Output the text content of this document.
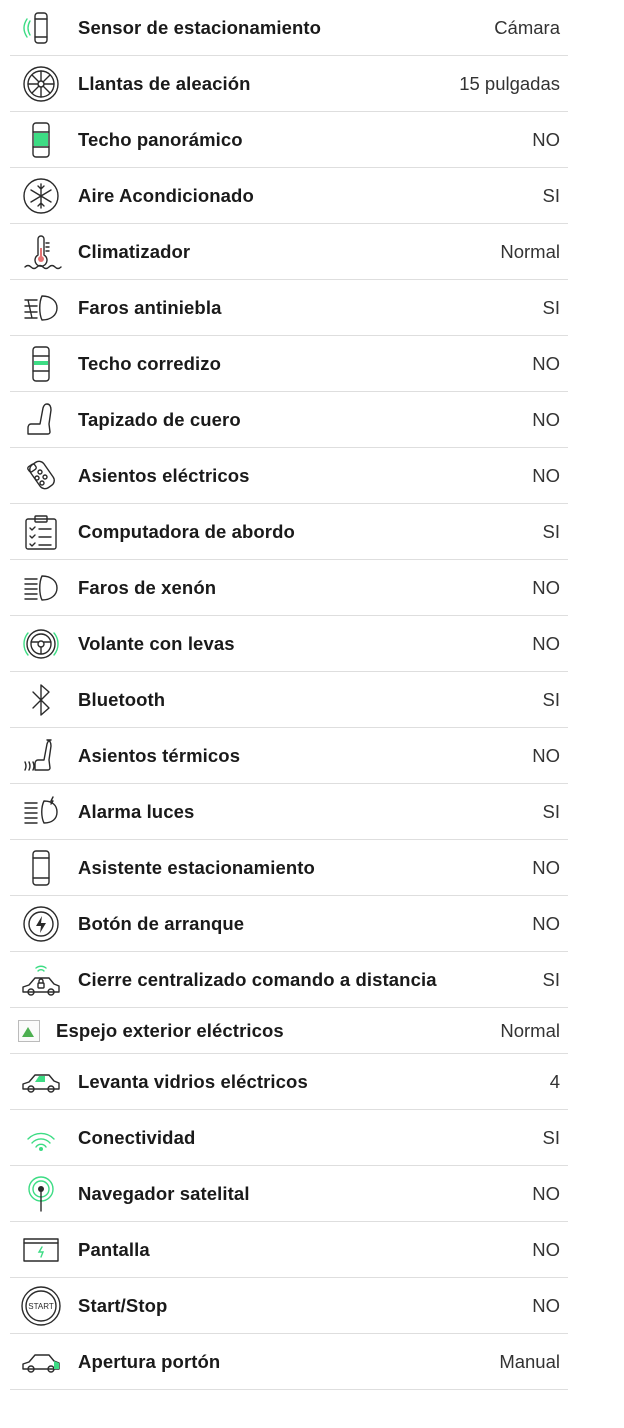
Sensor de estacionamiento	Cámara
Llantas de aleación	15 pulgadas
Techo panorámico	NO
Aire Acondicionado	SI
Climatizador	Normal
Faros antiniebla	SI
Techo corredizo	NO
Tapizado de cuero	NO
Asientos eléctricos	NO
Computadora de abordo	SI
Faros de xenón	NO
Volante con levas	NO
Bluetooth	SI
Asientos térmicos	NO
Alarma luces	SI
Asistente estacionamiento	NO
Botón de arranque	NO
Cierre centralizado comando a distancia	SI
Espejo exterior eléctricos	Normal
Levanta vidrios eléctricos	4
Conectividad	SI
Navegador satelital	NO
Pantalla	NO
START Start/Stop	NO
Apertura portón	Manual
